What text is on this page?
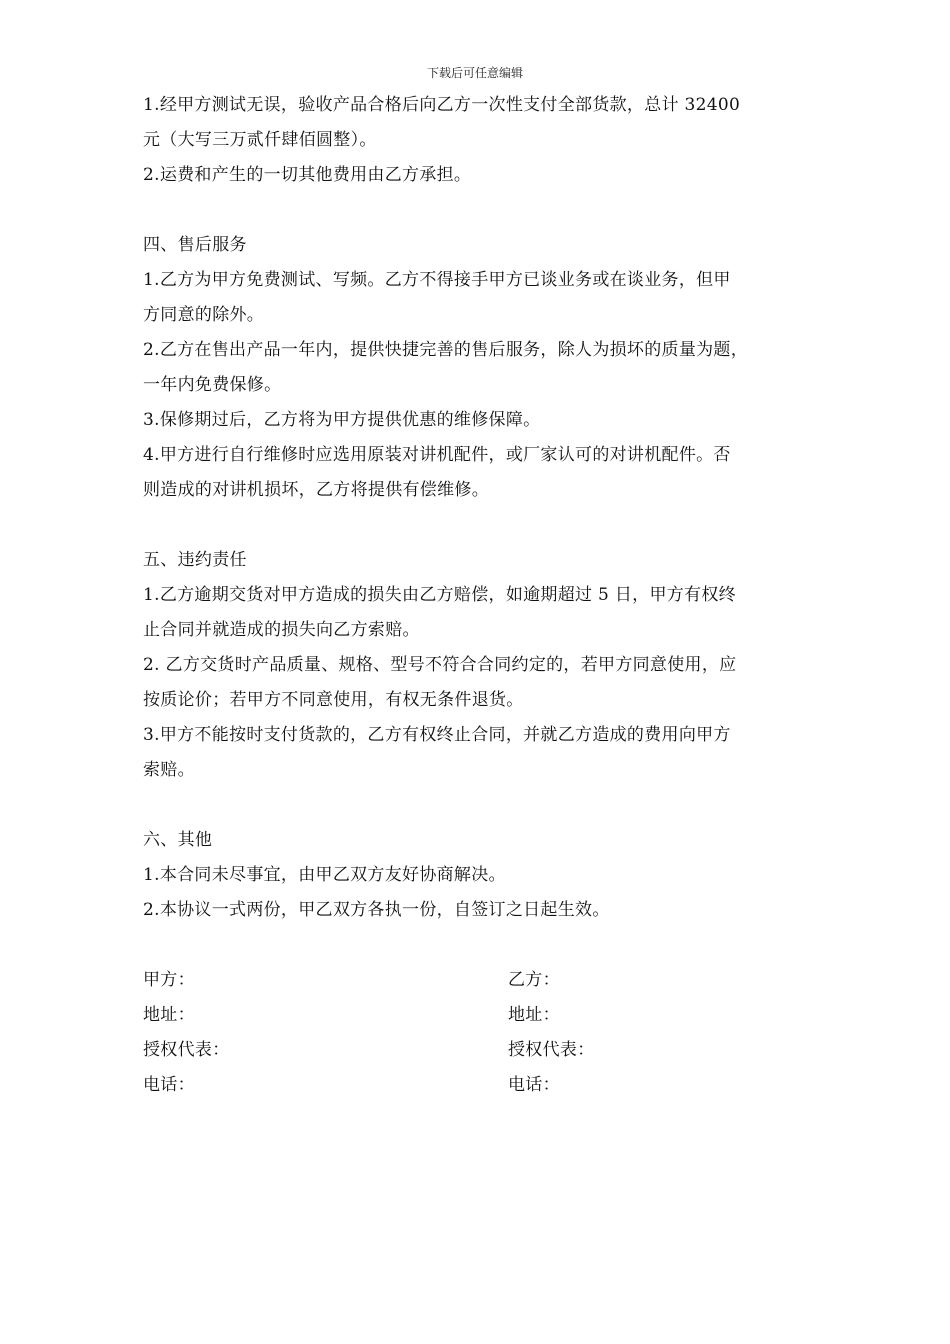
下载后可任意编辑

1.经甲方测试无误，验收产品合格后向乙方一次性支付全部货款，总计 32400

元（大写三万贰仟肆佰圆整）。

2.运费和产生的一切其他费用由乙方承担。

四、售后服务

1.乙方为甲方免费测试、写频。乙方不得接手甲方已谈业务或在谈业务，但甲

方同意的除外。

2.乙方在售出产品一年内，提供快捷完善的售后服务，除人为损坏的质量为题，

一年内免费保修。

3.保修期过后，乙方将为甲方提供优惠的维修保障。

4.甲方进行自行维修时应选用原装对讲机配件，或厂家认可的对讲机配件。否

则造成的对讲机损坏，乙方将提供有偿维修。

五、违约责任

1.乙方逾期交货对甲方造成的损失由乙方赔偿，如逾期超过 5 日，甲方有权终

止合同并就造成的损失向乙方索赔。

2. 乙方交货时产品质量、规格、型号不符合合同约定的，若甲方同意使用，应

按质论价；若甲方不同意使用，有权无条件退货。

3.甲方不能按时支付货款的，乙方有权终止合同，并就乙方造成的费用向甲方

索赔。

六、其他

1.本合同未尽事宜，由甲乙双方友好协商解决。

2.本协议一式两份，甲乙双方各执一份，自签订之日起生效。

甲方：	乙方：
地址：	地址：
授权代表：	授权代表：
电话：	电话：
